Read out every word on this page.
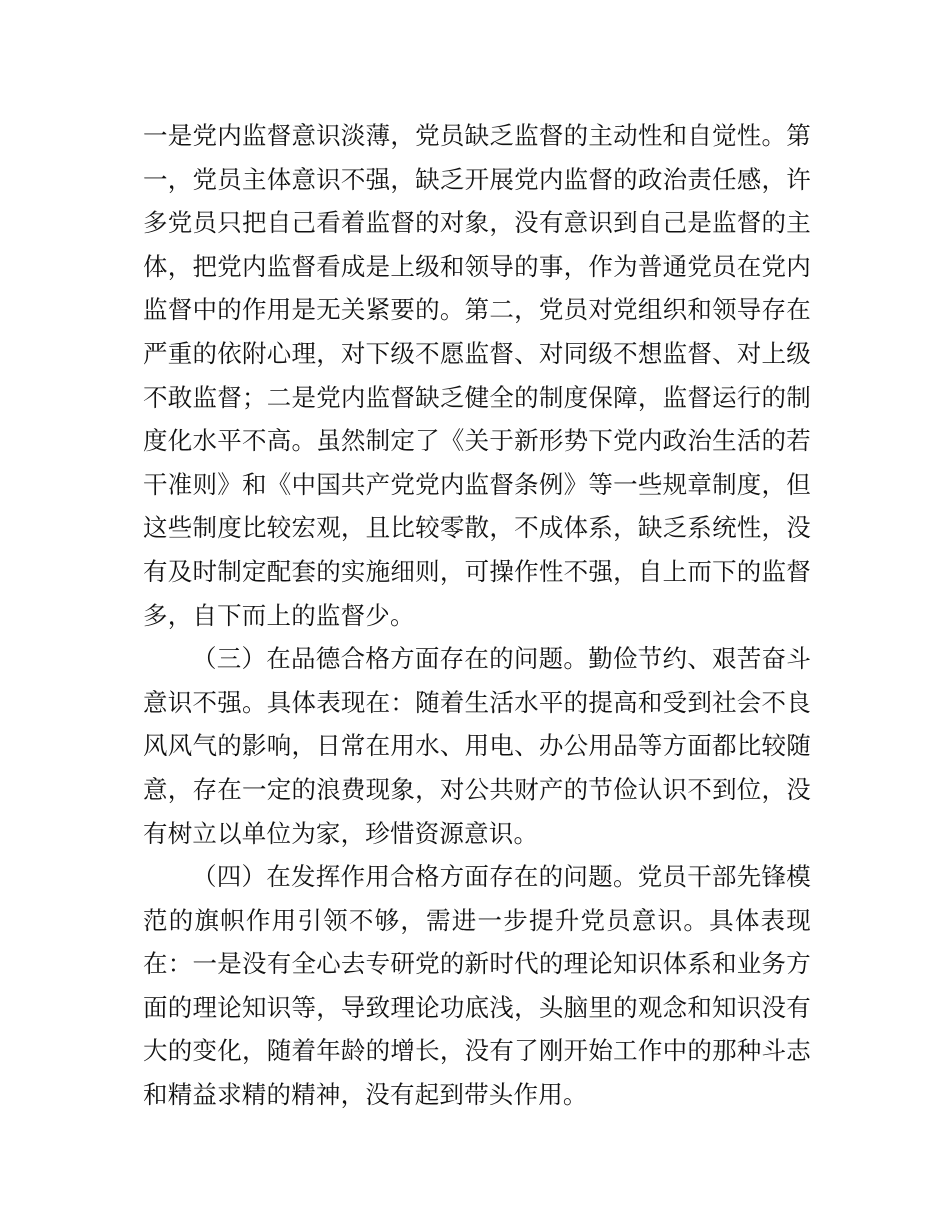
一是党内监督意识淡薄，党员缺乏监督的主动性和自觉性。第一，党员主体意识不强，缺乏开展党内监督的政治责任感，许多党员只把自己看着监督的对象，没有意识到自己是监督的主体，把党内监督看成是上级和领导的事，作为普通党员在党内监督中的作用是无关紧要的。第二，党员对党组织和领导存在严重的依附心理，对下级不愿监督、对同级不想监督、对上级不敢监督；二是党内监督缺乏健全的制度保障，监督运行的制度化水平不高。虽然制定了《关于新形势下党内政治生活的若干准则》和《中国共产党党内监督条例》等一些规章制度，但这些制度比较宏观，且比较零散，不成体系，缺乏系统性，没有及时制定配套的实施细则，可操作性不强，自上而下的监督多，自下而上的监督少。

（三）在品德合格方面存在的问题。勤俭节约、艰苦奋斗意识不强。具体表现在：随着生活水平的提高和受到社会不良风风气的影响，日常在用水、用电、办公用品等方面都比较随意，存在一定的浪费现象，对公共财产的节俭认识不到位，没有树立以单位为家，珍惜资源意识。

（四）在发挥作用合格方面存在的问题。党员干部先锋模范的旗帜作用引领不够，需进一步提升党员意识。具体表现在：一是没有全心去专研党的新时代的理论知识体系和业务方面的理论知识等，导致理论功底浅，头脑里的观念和知识没有大的变化，随着年龄的增长，没有了刚开始工作中的那种斗志和精益求精的精神，没有起到带头作用。
